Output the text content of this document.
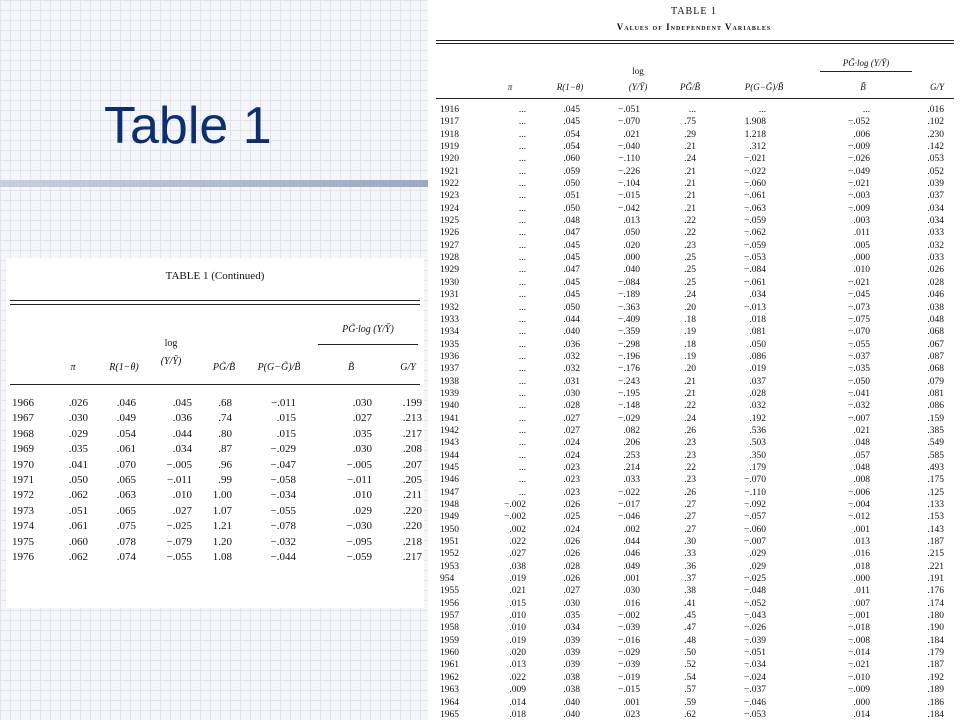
Table 1
TABLE 1
Values of Independent Variables
PG̃·log (Y/Ȳ)
log
π	R(1−θ)	(Y/Ȳ)	PG̃/B̃	P(G−G̃)/B̃	B̃	G/Y
1916	...	.045	−.051	...	...	...	.016
1917	...	.045	−.070	.75	1.908	−.052	.102
1918	...	.054	.021	.29	1.218	.006	.230
1919	...	.054	−.040	.21	.312	−.009	.142
1920	...	.060	−.110	.24	−.021	−.026	.053
1921	...	.059	−.226	.21	−.022	−.049	.052
1922	...	.050	−.104	.21	−.060	−.021	.039
1923	...	.051	−.015	.21	−.061	−.003	.037
1924	...	.050	−.042	.21	−.063	−.009	.034
1925	...	.048	.013	.22	−.059	.003	.034
1926	...	.047	.050	.22	−.062	.011	.033
1927	...	.045	.020	.23	−.059	.005	.032
1928	...	.045	.000	.25	−.053	.000	.033
1929	...	.047	.040	.25	−.084	.010	.026
1930	...	.045	−.084	.25	−.061	−.021	.028
1931	...	.045	−.189	.24	.034	−.045	.046
1932	...	.050	−.363	.20	−.013	−.073	.038
1933	...	.044	−.409	.18	.018	−.075	.048
1934	...	.040	−.359	.19	.081	−.070	.068
1935	...	.036	−.298	.18	.050	−.055	.067
1936	...	.032	−.196	.19	.086	−.037	.087
1937	...	.032	−.176	.20	.019	−.035	.068
1938	...	.031	−.243	.21	.037	−.050	.079
1939	...	.030	−.195	.21	.028	−.041	.081
1940	...	.028	−.148	.22	.032	−.032	.086
1941	...	.027	−.029	.24	.192	−.007	.159
1942	...	.027	.082	.26	.536	.021	.385
1943	...	.024	.206	.23	.503	.048	.549
1944	...	.024	.253	.23	.350	.057	.585
1945	...	.023	.214	.22	.179	.048	.493
1946	...	.023	.033	.23	−.070	.008	.175
1947	...	.023	−.022	.26	−.110	−.006	.125
1948	−.002	.026	−.017	.27	−.092	−.004	.133
1949	−.002	.025	−.046	.27	−.057	−.012	.153
1950	.002	.024	.002	.27	−.060	.001	.143
1951	.022	.026	.044	.30	−.007	.013	.187
1952	.027	.026	.046	.33	.029	.016	.215
1953	.038	.028	.049	.36	.029	.018	.221
954	.019	.026	.001	.37	−.025	.000	.191
1955	.021	.027	.030	.38	−.048	.011	.176
1956	.015	.030	.016	.41	−.052	.007	.174
1957	.010	.035	−.002	.45	−.043	−.001	.180
1958	.010	.034	−.039	.47	−.026	−.018	.190
1959	.019	.039	−.016	.48	−.039	−.008	.184
1960	.020	.039	−.029	.50	−.051	−.014	.179
1961	.013	.039	−.039	.52	−.034	−.021	.187
1962	.022	.038	−.019	.54	−.024	−.010	.192
1963	.009	.038	−.015	.57	−.037	−.009	.189
1964	.014	.040	.001	.59	−.046	.000	.186
1965	.018	.040	.023	.62	−.053	.014	.184
TABLE 1 (Continued)
PG̃·log (Y/Ȳ)
log
π	R(1−θ)
(Y/Ȳ)
PG̃/B̃	P(G−G̃)/B̃	B̃	G/Y
1966	.026	.046	.045	.68	−.011	.030	.199
1967	.030	.049	.036	.74	.015	.027	.213
1968	.029	.054	.044	.80	.015	.035	.217
1969	.035	.061	.034	.87	−.029	.030	.208
1970	.041	.070	−.005	.96	−.047	−.005	.207
1971	.050	.065	−.011	.99	−.058	−.011	.205
1972	.062	.063	.010	1.00	−.034	.010	.211
1973	.051	.065	.027	1.07	−.055	.029	.220
1974	.061	.075	−.025	1.21	−.078	−.030	.220
1975	.060	.078	−.079	1.20	−.032	−.095	.218
1976	.062	.074	−.055	1.08	−.044	−.059	.217
